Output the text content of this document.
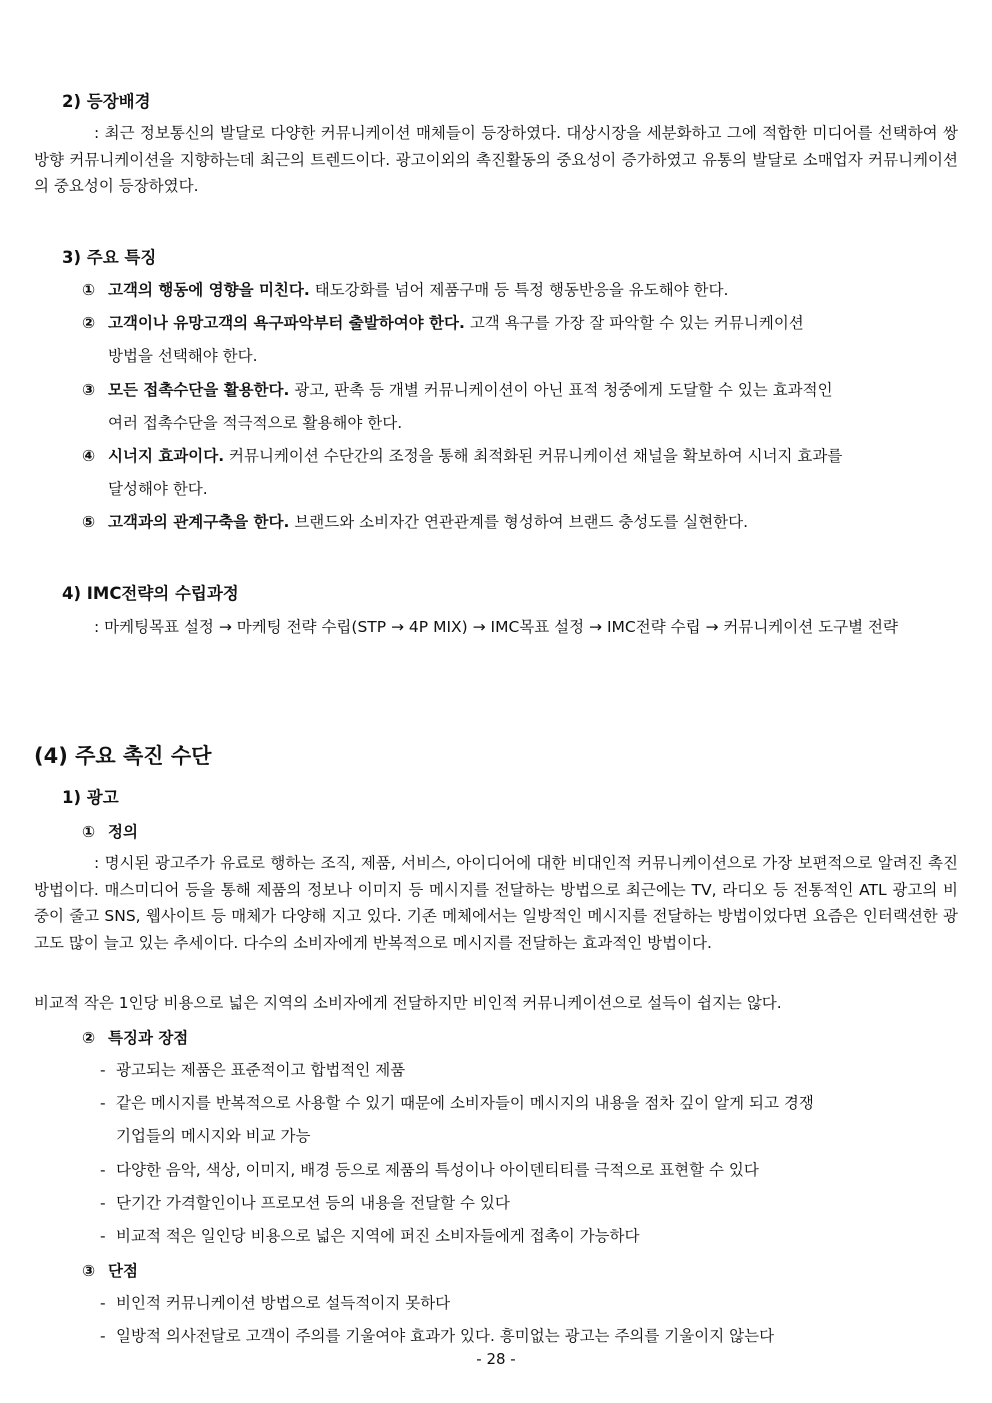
2) 등장배경
: 최근 정보통신의 발달로 다양한 커뮤니케이션 매체들이 등장하였다. 대상시장을 세분화하고 그에 적합한 미디어를 선택하여 쌍방향 커뮤니케이션을 지향하는데 최근의 트렌드이다. 광고이외의 촉진활동의 중요성이 증가하였고 유통의 발달로 소매업자 커뮤니케이션의 중요성이 등장하였다.
3) 주요 특징
① 고객의 행동에 영향을 미친다. 태도강화를 넘어 제품구매 등 특정 행동반응을 유도해야 한다.
② 고객이나 유망고객의 욕구파악부터 출발하여야 한다. 고객 욕구를 가장 잘 파악할 수 있는 커뮤니케이션
방법을 선택해야 한다.
③ 모든 접촉수단을 활용한다. 광고, 판촉 등 개별 커뮤니케이션이 아닌 표적 청중에게 도달할 수 있는 효과적인
여러 접촉수단을 적극적으로 활용해야 한다.
④ 시너지 효과이다. 커뮤니케이션 수단간의 조정을 통해 최적화된 커뮤니케이션 채널을 확보하여 시너지 효과를
달성해야 한다.
⑤ 고객과의 관계구축을 한다. 브랜드와 소비자간 연관관계를 형성하여 브랜드 충성도를 실현한다.
4) IMC전략의 수립과정
: 마케팅목표 설정 → 마케팅 전략 수립(STP → 4P MIX) → IMC목표 설정 → IMC전략 수립 → 커뮤니케이션 도구별 전략
(4) 주요 촉진 수단
1) 광고
① 정의
: 명시된 광고주가 유료로 행하는 조직, 제품, 서비스, 아이디어에 대한 비대인적 커뮤니케이션으로 가장 보편적으로 알려진 촉진방법이다. 매스미디어 등을 통해 제품의 정보나 이미지 등 메시지를 전달하는 방법으로 최근에는 TV, 라디오 등 전통적인 ATL 광고의 비중이 줄고 SNS, 웹사이트 등 매체가 다양해 지고 있다. 기존 메체에서는 일방적인 메시지를 전달하는 방법이었다면 요즘은 인터랙션한 광고도 많이 늘고 있는 추세이다. 다수의 소비자에게 반복적으로 메시지를 전달하는 효과적인 방법이다.
비교적 작은 1인당 비용으로 넓은 지역의 소비자에게 전달하지만 비인적 커뮤니케이션으로 설득이 쉽지는 않다.
② 특징과 장점
- 광고되는 제품은 표준적이고 합법적인 제품
- 같은 메시지를 반복적으로 사용할 수 있기 때문에 소비자들이 메시지의 내용을 점차 깊이 알게 되고 경쟁
기업들의 메시지와 비교 가능
- 다양한 음악, 색상, 이미지, 배경 등으로 제품의 특성이나 아이덴티티를 극적으로 표현할 수 있다
- 단기간 가격할인이나 프로모션 등의 내용을 전달할 수 있다
- 비교적 적은 일인당 비용으로 넓은 지역에 퍼진 소비자들에게 접촉이 가능하다
③ 단점
- 비인적 커뮤니케이션 방법으로 설득적이지 못하다
- 일방적 의사전달로 고객이 주의를 기울여야 효과가 있다. 흥미없는 광고는 주의를 기울이지 않는다
- 28 -
